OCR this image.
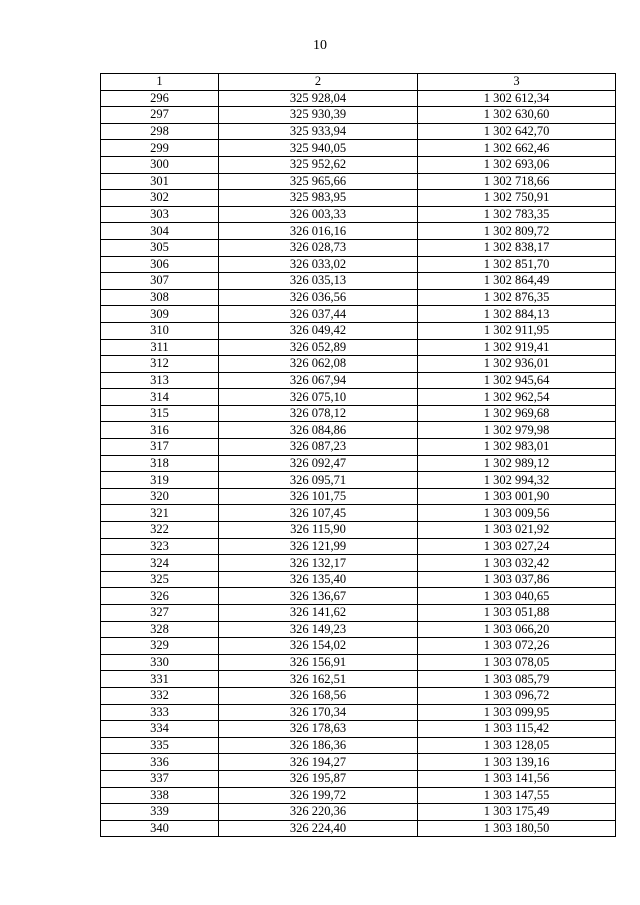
10
1	2	3
296	325 928,04	1 302 612,34
297	325 930,39	1 302 630,60
298	325 933,94	1 302 642,70
299	325 940,05	1 302 662,46
300	325 952,62	1 302 693,06
301	325 965,66	1 302 718,66
302	325 983,95	1 302 750,91
303	326 003,33	1 302 783,35
304	326 016,16	1 302 809,72
305	326 028,73	1 302 838,17
306	326 033,02	1 302 851,70
307	326 035,13	1 302 864,49
308	326 036,56	1 302 876,35
309	326 037,44	1 302 884,13
310	326 049,42	1 302 911,95
311	326 052,89	1 302 919,41
312	326 062,08	1 302 936,01
313	326 067,94	1 302 945,64
314	326 075,10	1 302 962,54
315	326 078,12	1 302 969,68
316	326 084,86	1 302 979,98
317	326 087,23	1 302 983,01
318	326 092,47	1 302 989,12
319	326 095,71	1 302 994,32
320	326 101,75	1 303 001,90
321	326 107,45	1 303 009,56
322	326 115,90	1 303 021,92
323	326 121,99	1 303 027,24
324	326 132,17	1 303 032,42
325	326 135,40	1 303 037,86
326	326 136,67	1 303 040,65
327	326 141,62	1 303 051,88
328	326 149,23	1 303 066,20
329	326 154,02	1 303 072,26
330	326 156,91	1 303 078,05
331	326 162,51	1 303 085,79
332	326 168,56	1 303 096,72
333	326 170,34	1 303 099,95
334	326 178,63	1 303 115,42
335	326 186,36	1 303 128,05
336	326 194,27	1 303 139,16
337	326 195,87	1 303 141,56
338	326 199,72	1 303 147,55
339	326 220,36	1 303 175,49
340	326 224,40	1 303 180,50
